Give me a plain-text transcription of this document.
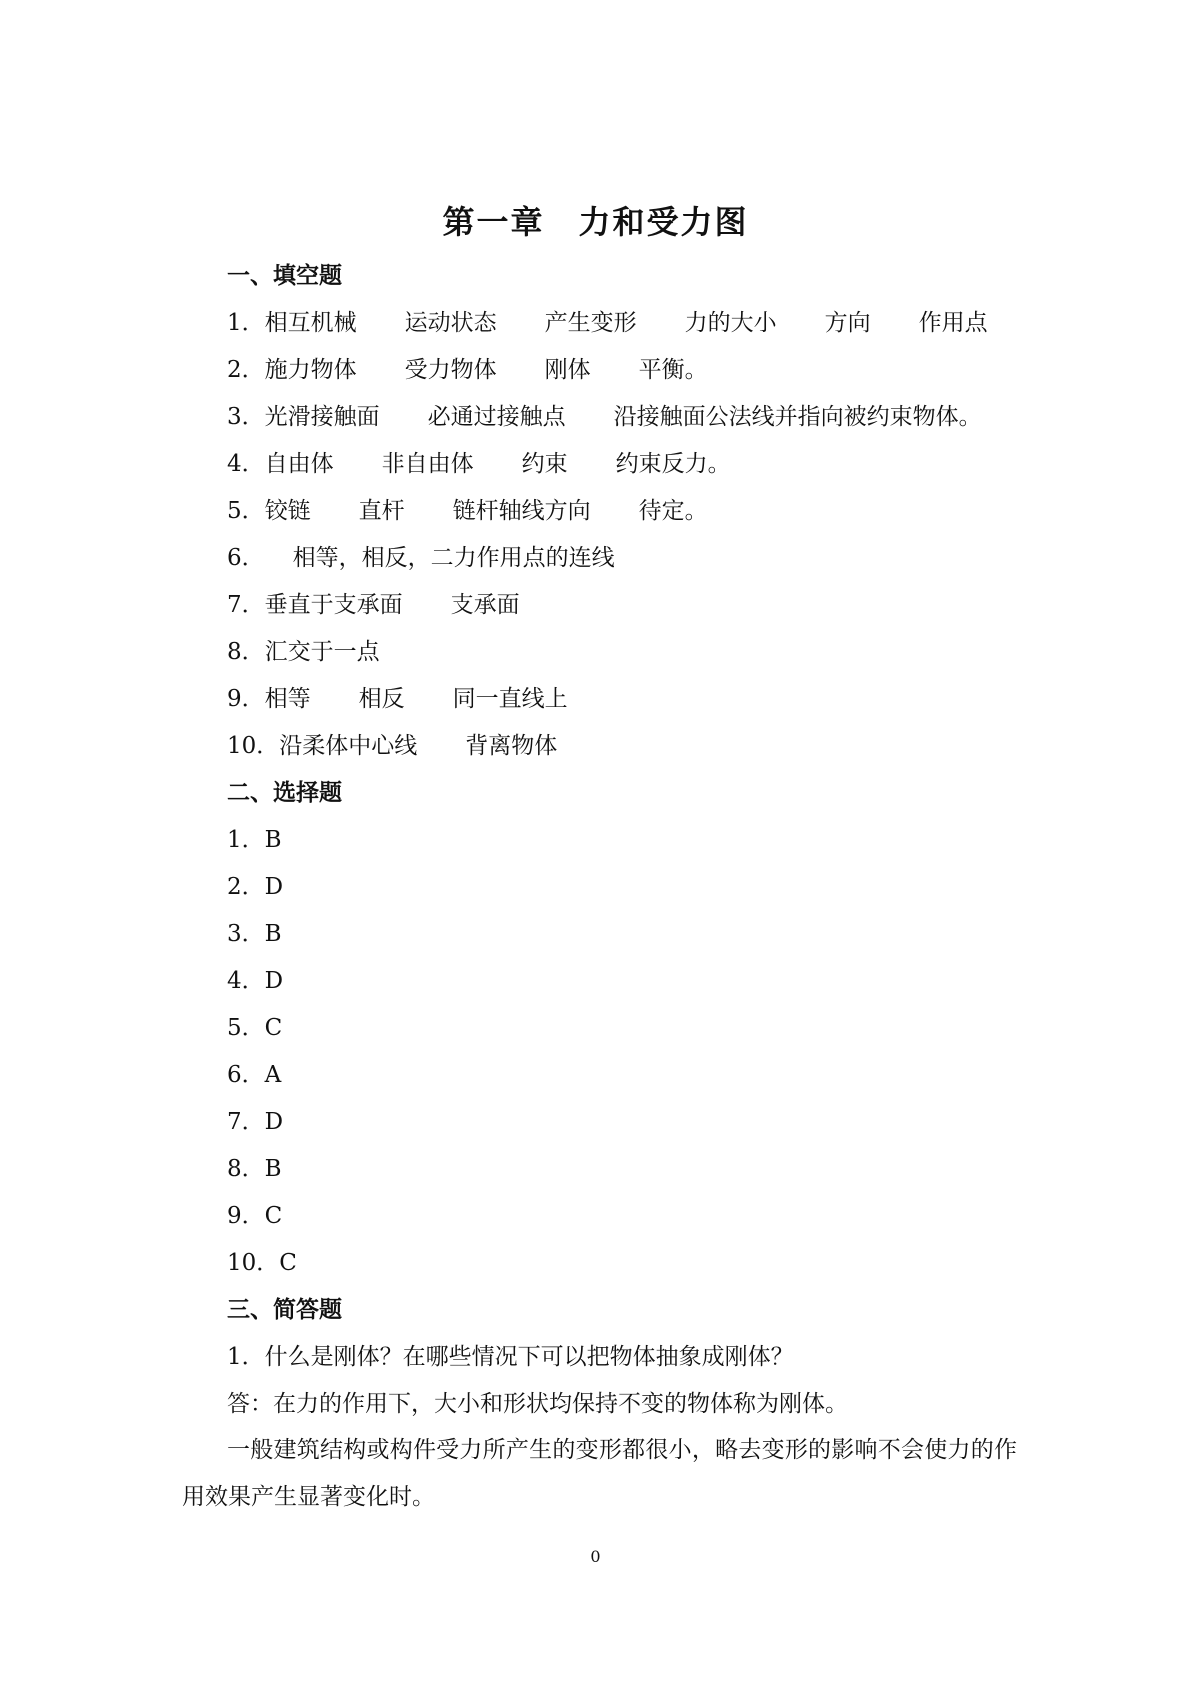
第一章　力和受力图
一、填空题
1．相互机械 运动状态 产生变形 力的大小 方向 作用点
2．施力物体 受力物体 刚体 平衡。
3．光滑接触面 必通过接触点 沿接触面公法线并指向被约束物体。
4．自由体 非自由体 约束 约束反力。
5．铰链 直杆 链杆轴线方向 待定。
6． 相等，相反，二力作用点的连线
7．垂直于支承面 支承面
8．汇交于一点
9．相等 相反 同一直线上
10．沿柔体中心线 背离物体
二、选择题
1．B
2．D
3．B
4．D
5．C
6．A
7．D
8．B
9．C
10．C
三、简答题
1．什么是刚体？在哪些情况下可以把物体抽象成刚体？
答：在力的作用下，大小和形状均保持不变的物体称为刚体。
一般建筑结构或构件受力所产生的变形都很小，略去变形的影响不会使力的作用效果产生显著变化时。
0
